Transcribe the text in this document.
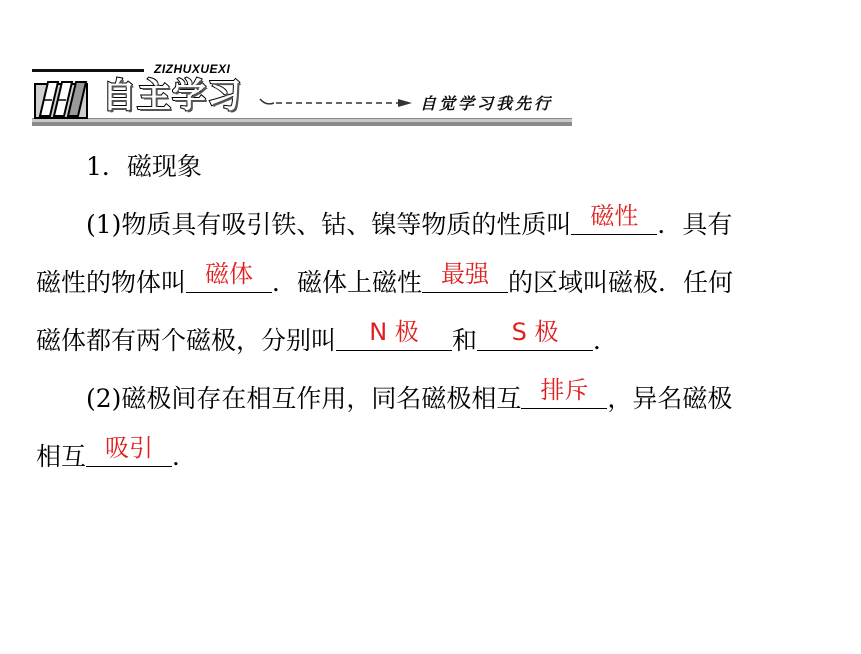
ZIZHUXUEXI
自主学习	自觉学习我先行
1．磁现象
(1)物质具有吸引铁、钴、镍等物质的性质叫 磁性 ．具有
磁性的物体叫 磁体 ．磁体上磁性 最强 的区域叫磁极．任何
磁体都有两个磁极，分别叫	N 极	和	S 极	．
(2)磁极间存在相互作用，同名磁极相互 排斥 ，异名磁极
相互 吸引 ．
